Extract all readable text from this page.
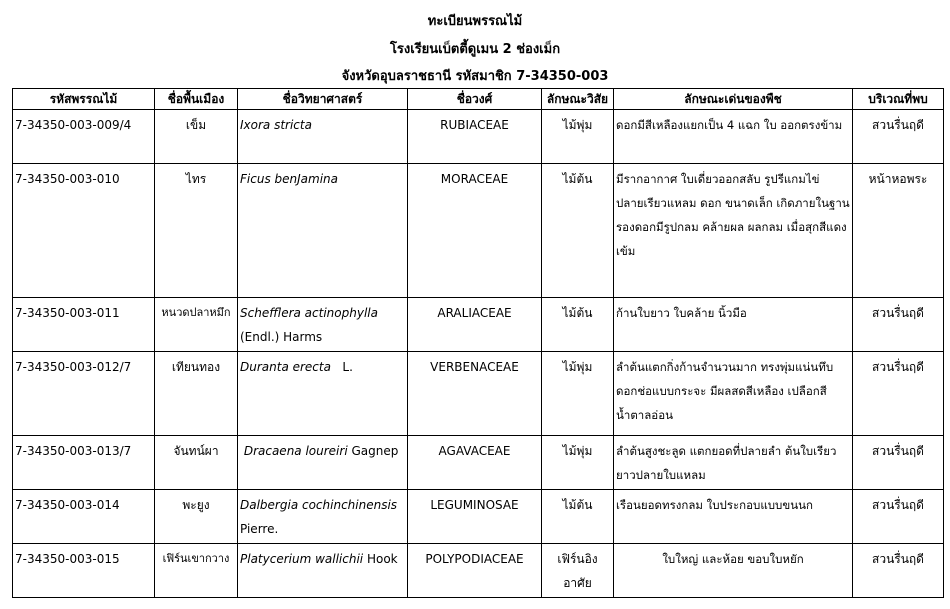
ทะเบียนพรรณไม้
โรงเรียนเบ็ตตี้ดูเมน 2 ช่องเม็ก
จังหวัดอุบลราชธานี รหัสมาชิก 7-34350-003
รหัสพรรณไม้	ชื่อพื้นเมือง	ชื่อวิทยาศาสตร์	ชื่อวงศ์	ลักษณะวิสัย	ลักษณะเด่นของพืช	บริเวณที่พบ
7-34350-003-009/4	เข็ม	Ixora stricta	RUBIACEAE	ไม้พุ่ม	ดอกมีสีเหลืองแยกเป็น 4 แฉก ใบ ออกตรงข้าม	สวนรื่นฤดี
7-34350-003-010	ไทร	Ficus benJamina	MORACEAE	ไม้ต้น	มีรากอากาศ ใบเดี่ยวออกสลับ รูปรีแกมไข่ ปลายเรียวแหลม ดอก ขนาดเล็ก เกิดภายในฐานรองดอกมีรูปกลม คล้ายผล ผลกลม เมื่อสุกสีแดงเข้ม	หน้าหอพระ
7-34350-003-011	หนวดปลาหมึก	Schefflera actinophylla (Endl.) Harms	ARALIACEAE	ไม้ต้น	ก้านใบยาว ใบคล้าย นิ้วมือ	สวนรื่นฤดี
7-34350-003-012/7	เทียนทอง	Duranta erecta L.	VERBENACEAE	ไม้พุ่ม	ลำต้นแตกกิ่งก้านจำนวนมาก ทรงพุ่มแน่นทึบ ดอกช่อแบบกระจะ มีผลสดสีเหลือง เปลือกสีน้ำตาลอ่อน	สวนรื่นฤดี
7-34350-003-013/7	จันทน์ผา	Dracaena loureiri Gagnep	AGAVACEAE	ไม้พุ่ม	ลำต้นสูงชะลูด แตกยอดที่ปลายลำ ต้นใบเรียวยาวปลายใบแหลม	สวนรื่นฤดี
7-34350-003-014	พะยูง	Dalbergia cochinchinensis Pierre.	LEGUMINOSAE	ไม้ต้น	เรือนยอดทรงกลม ใบประกอบแบบขนนก	สวนรื่นฤดี
7-34350-003-015	เฟิร์นเขากวาง	Platycerium wallichii Hook	POLYPODIACEAE	เฟิร์นอิงอาศัย	ใบใหญ่ และห้อย ขอบใบหยัก	สวนรื่นฤดี
